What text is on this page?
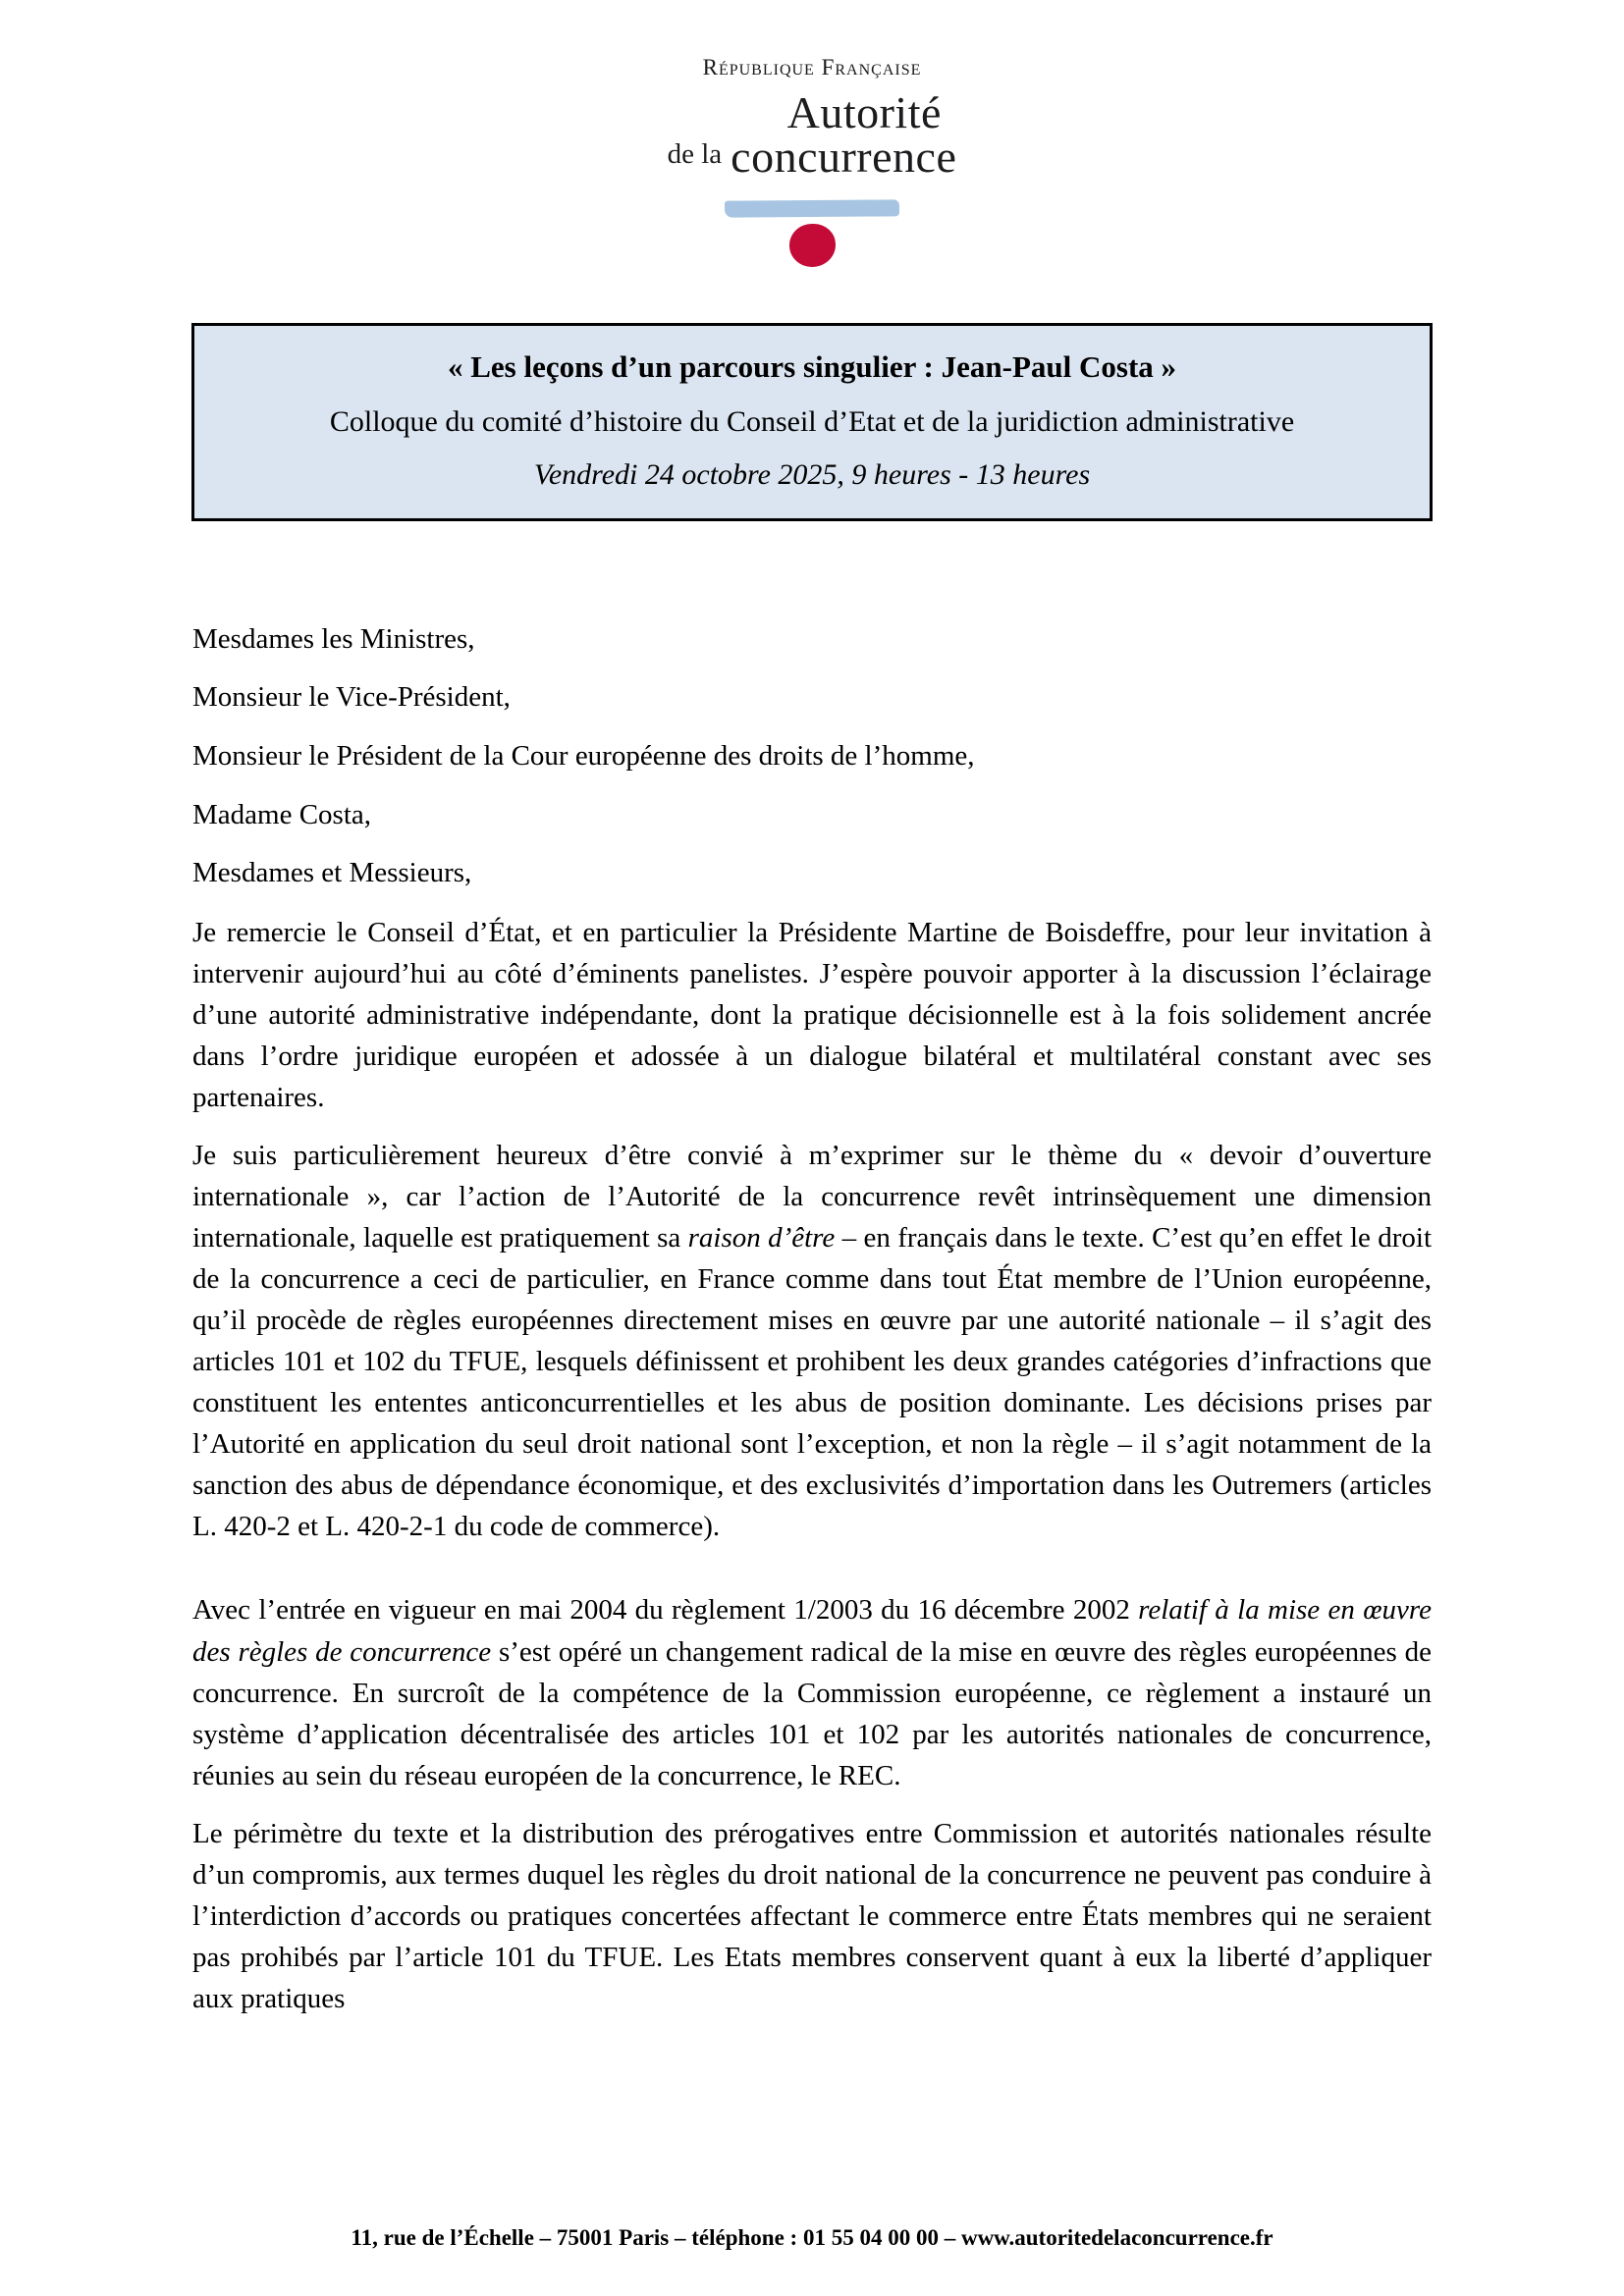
République Française
Autorité
de la concurrence
« Les leçons d’un parcours singulier : Jean-Paul Costa »
Colloque du comité d’histoire du Conseil d’Etat et de la juridiction administrative
Vendredi 24 octobre 2025, 9 heures - 13 heures

Mesdames les Ministres,

Monsieur le Vice-Président,

Monsieur le Président de la Cour européenne des droits de l’homme,

Madame Costa,

Mesdames et Messieurs,

Je remercie le Conseil d’État, et en particulier la Présidente Martine de Boisdeffre, pour leur invitation à intervenir aujourd’hui au côté d’éminents panelistes. J’espère pouvoir apporter à la discussion l’éclairage d’une autorité administrative indépendante, dont la pratique décisionnelle est à la fois solidement ancrée dans l’ordre juridique européen et adossée à un dialogue bilatéral et multilatéral constant avec ses partenaires.

Je suis particulièrement heureux d’être convié à m’exprimer sur le thème du « devoir d’ouverture internationale », car l’action de l’Autorité de la concurrence revêt intrinsèquement une dimension internationale, laquelle est pratiquement sa raison d’être – en français dans le texte. C’est qu’en effet le droit de la concurrence a ceci de particulier, en France comme dans tout État membre de l’Union européenne, qu’il procède de règles européennes directement mises en œuvre par une autorité nationale – il s’agit des articles 101 et 102 du TFUE, lesquels définissent et prohibent les deux grandes catégories d’infractions que constituent les ententes anticoncurrentielles et les abus de position dominante. Les décisions prises par l’Autorité en application du seul droit national sont l’exception, et non la règle – il s’agit notamment de la sanction des abus de dépendance économique, et des exclusivités d’importation dans les Outremers (articles L. 420-2 et L. 420-2-1 du code de commerce).

Avec l’entrée en vigueur en mai 2004 du règlement 1/2003 du 16 décembre 2002 relatif à la mise en œuvre des règles de concurrence s’est opéré un changement radical de la mise en œuvre des règles européennes de concurrence. En surcroît de la compétence de la Commission européenne, ce règlement a instauré un système d’application décentralisée des articles 101 et 102 par les autorités nationales de concurrence, réunies au sein du réseau européen de la concurrence, le REC.

Le périmètre du texte et la distribution des prérogatives entre Commission et autorités nationales résulte d’un compromis, aux termes duquel les règles du droit national de la concurrence ne peuvent pas conduire à l’interdiction d’accords ou pratiques concertées affectant le commerce entre États membres qui ne seraient pas prohibés par l’article 101 du TFUE. Les Etats membres conservent quant à eux la liberté d’appliquer aux pratiques

11, rue de l’Échelle – 75001 Paris – téléphone : 01 55 04 00 00 – www.autoritedelaconcurrence.fr
